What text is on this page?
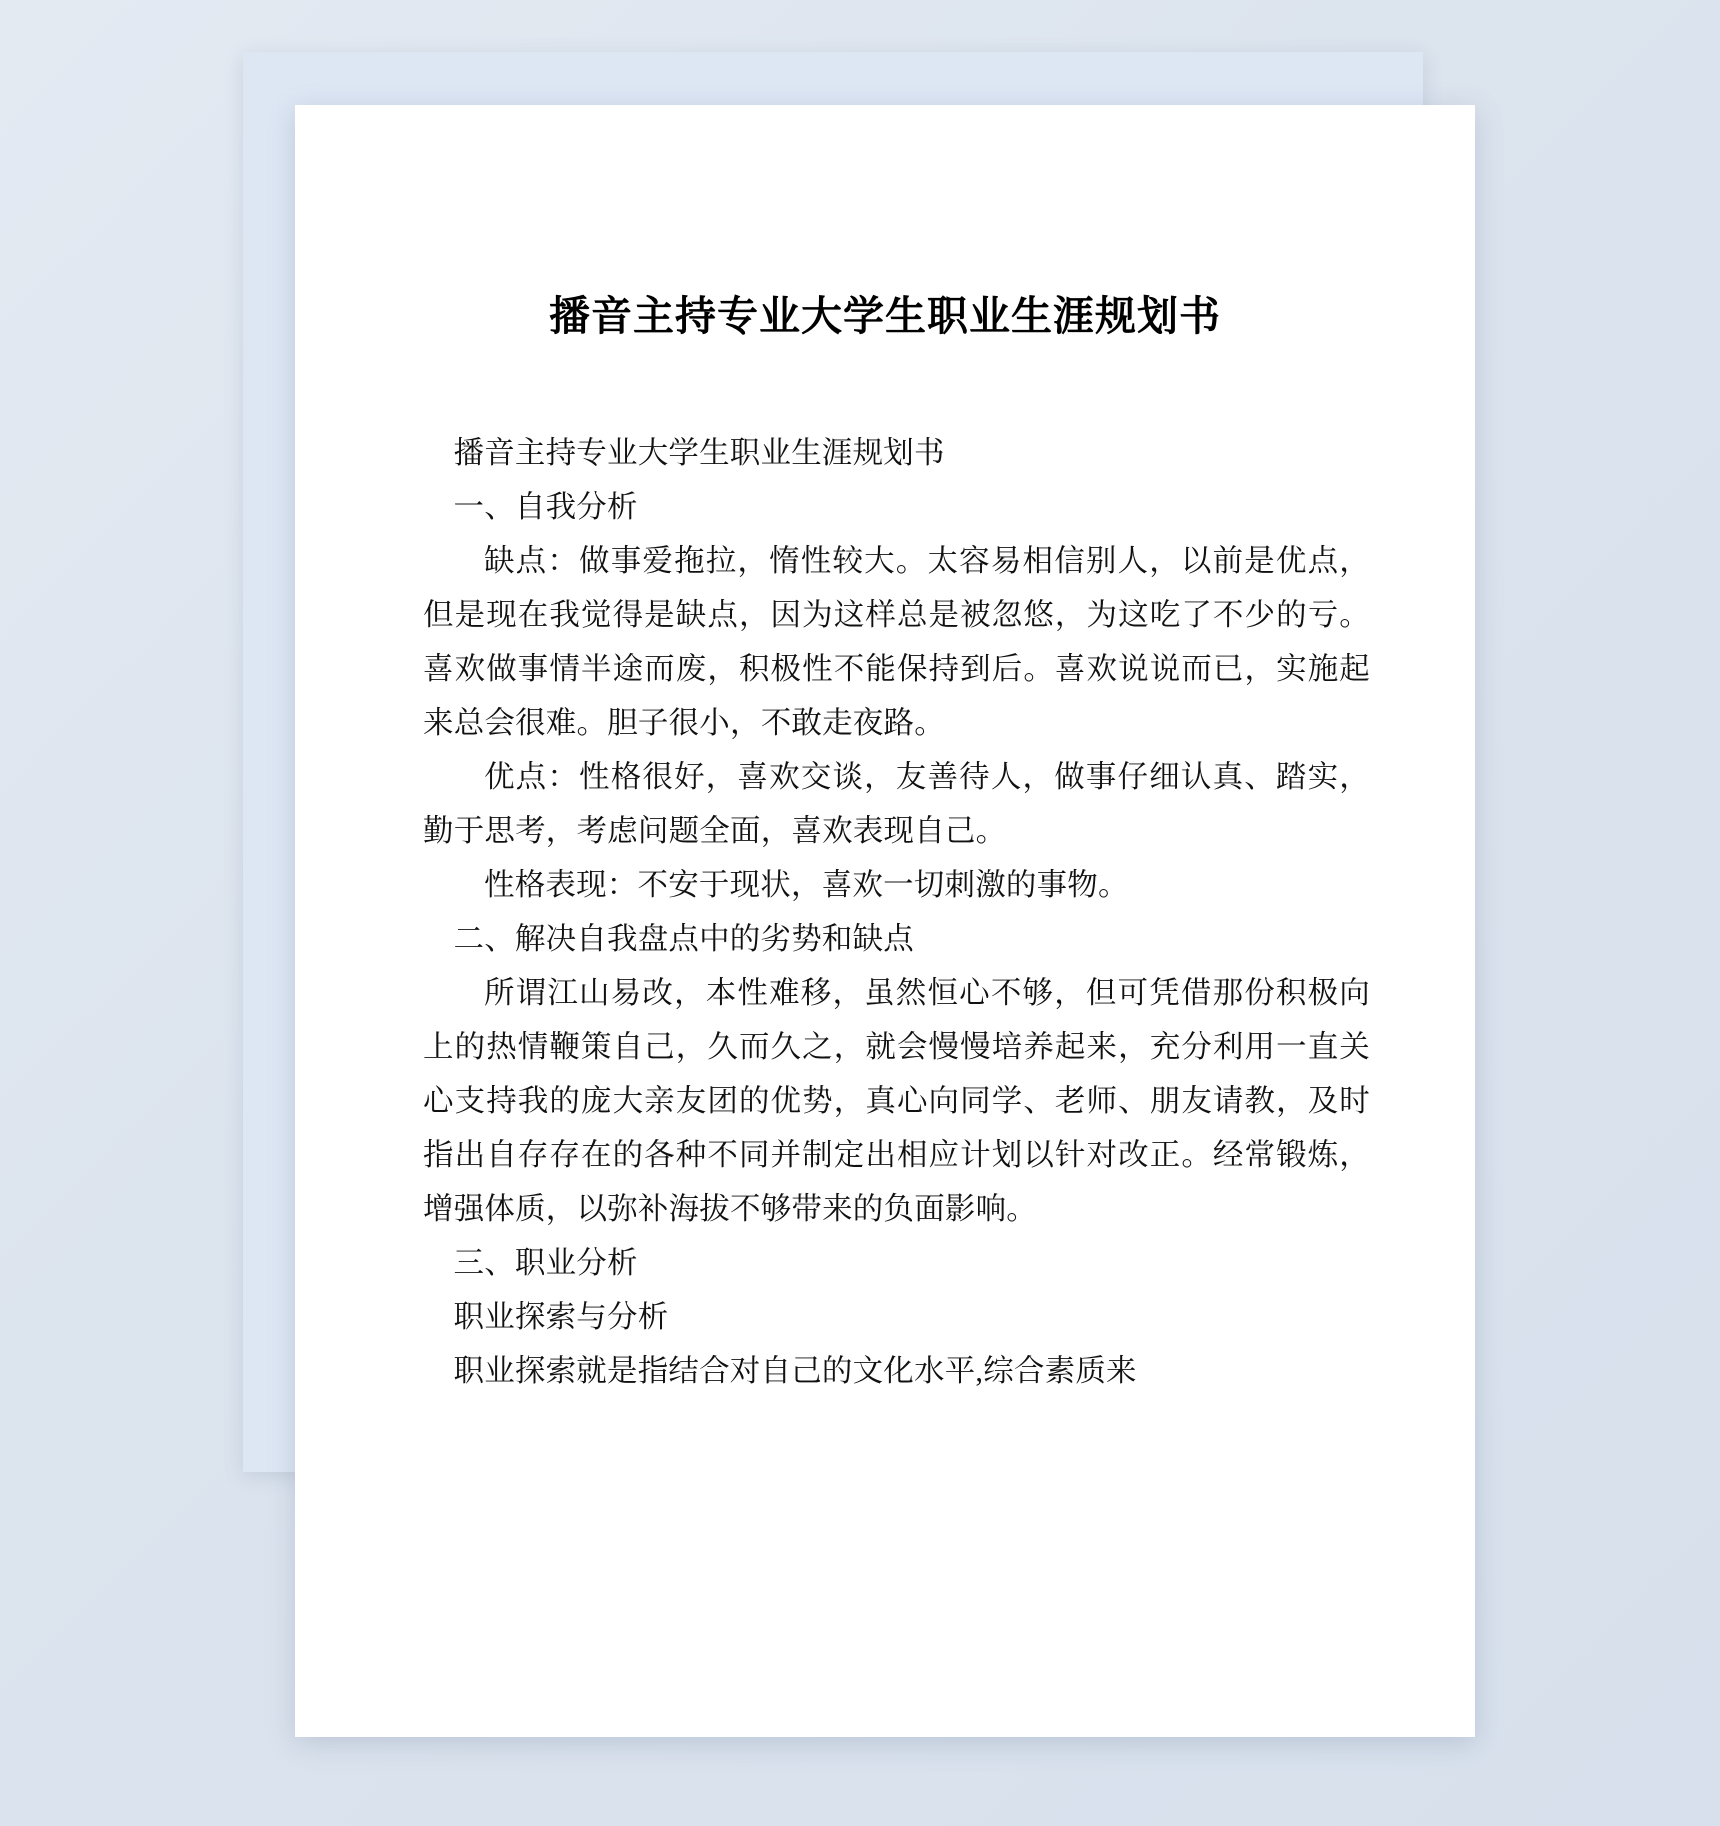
播音主持专业大学生职业生涯规划书

播音主持专业大学生职业生涯规划书

一、自我分析

缺点：做事爱拖拉，惰性较大。太容易相信别人，以前是优点，但是现在我觉得是缺点，因为这样总是被忽悠，为这吃了不少的亏。喜欢做事情半途而废，积极性不能保持到后。喜欢说说而已，实施起来总会很难。胆子很小，不敢走夜路。

优点：性格很好，喜欢交谈，友善待人，做事仔细认真、踏实，勤于思考，考虑问题全面，喜欢表现自己。

性格表现：不安于现状，喜欢一切刺激的事物。

二、解决自我盘点中的劣势和缺点

所谓江山易改，本性难移，虽然恒心不够，但可凭借那份积极向上的热情鞭策自己，久而久之，就会慢慢培养起来，充分利用一直关心支持我的庞大亲友团的优势，真心向同学、老师、朋友请教，及时指出自存存在的各种不同并制定出相应计划以针对改正。经常锻炼，增强体质，以弥补海拔不够带来的负面影响。

三、职业分析

职业探索与分析

职业探索就是指结合对自己的文化水平,综合素质来
